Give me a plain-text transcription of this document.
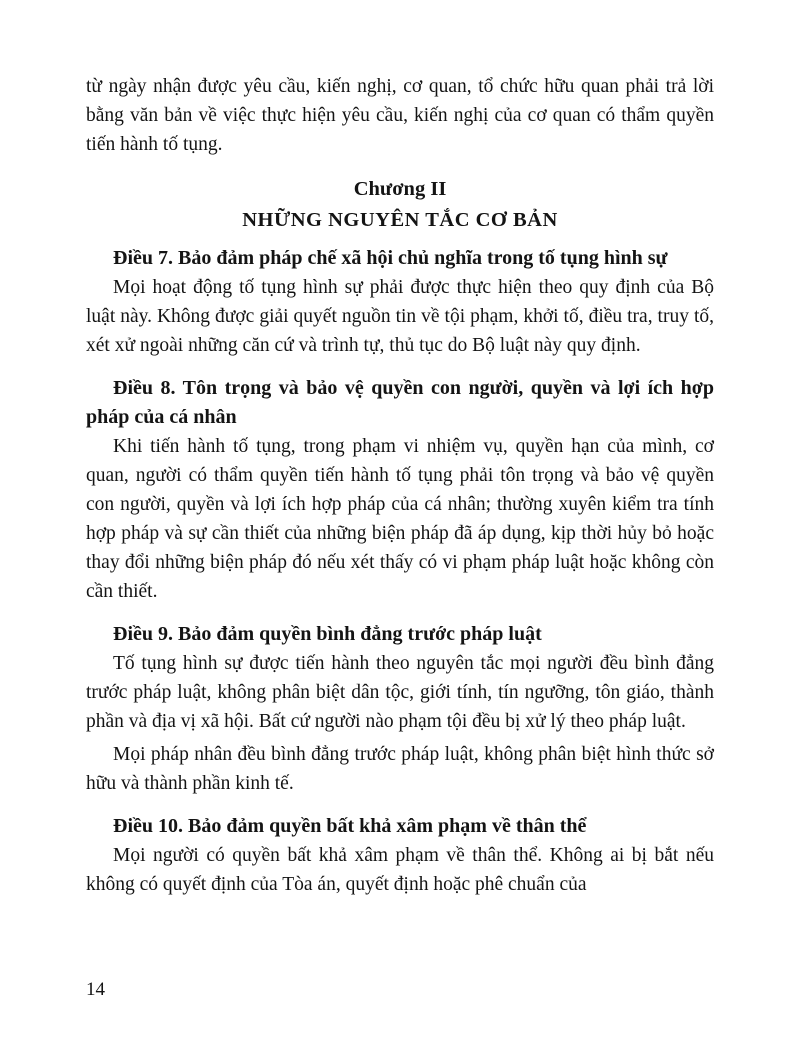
từ ngày nhận được yêu cầu, kiến nghị, cơ quan, tổ chức hữu quan phải trả lời bằng văn bản về việc thực hiện yêu cầu, kiến nghị của cơ quan có thẩm quyền tiến hành tố tụng.

Chương II
NHỮNG NGUYÊN TẮC CƠ BẢN
Điều 7. Bảo đảm pháp chế xã hội chủ nghĩa trong tố tụng hình sự

Mọi hoạt động tố tụng hình sự phải được thực hiện theo quy định của Bộ luật này. Không được giải quyết nguồn tin về tội phạm, khởi tố, điều tra, truy tố, xét xử ngoài những căn cứ và trình tự, thủ tục do Bộ luật này quy định.

Điều 8. Tôn trọng và bảo vệ quyền con người, quyền và lợi ích hợp pháp của cá nhân

Khi tiến hành tố tụng, trong phạm vi nhiệm vụ, quyền hạn của mình, cơ quan, người có thẩm quyền tiến hành tố tụng phải tôn trọng và bảo vệ quyền con người, quyền và lợi ích hợp pháp của cá nhân; thường xuyên kiểm tra tính hợp pháp và sự cần thiết của những biện pháp đã áp dụng, kịp thời hủy bỏ hoặc thay đổi những biện pháp đó nếu xét thấy có vi phạm pháp luật hoặc không còn cần thiết.

Điều 9. Bảo đảm quyền bình đẳng trước pháp luật

Tố tụng hình sự được tiến hành theo nguyên tắc mọi người đều bình đẳng trước pháp luật, không phân biệt dân tộc, giới tính, tín ngưỡng, tôn giáo, thành phần và địa vị xã hội. Bất cứ người nào phạm tội đều bị xử lý theo pháp luật.

Mọi pháp nhân đều bình đẳng trước pháp luật, không phân biệt hình thức sở hữu và thành phần kinh tế.

Điều 10. Bảo đảm quyền bất khả xâm phạm về thân thể

Mọi người có quyền bất khả xâm phạm về thân thể. Không ai bị bắt nếu không có quyết định của Tòa án, quyết định hoặc phê chuẩn của

14
